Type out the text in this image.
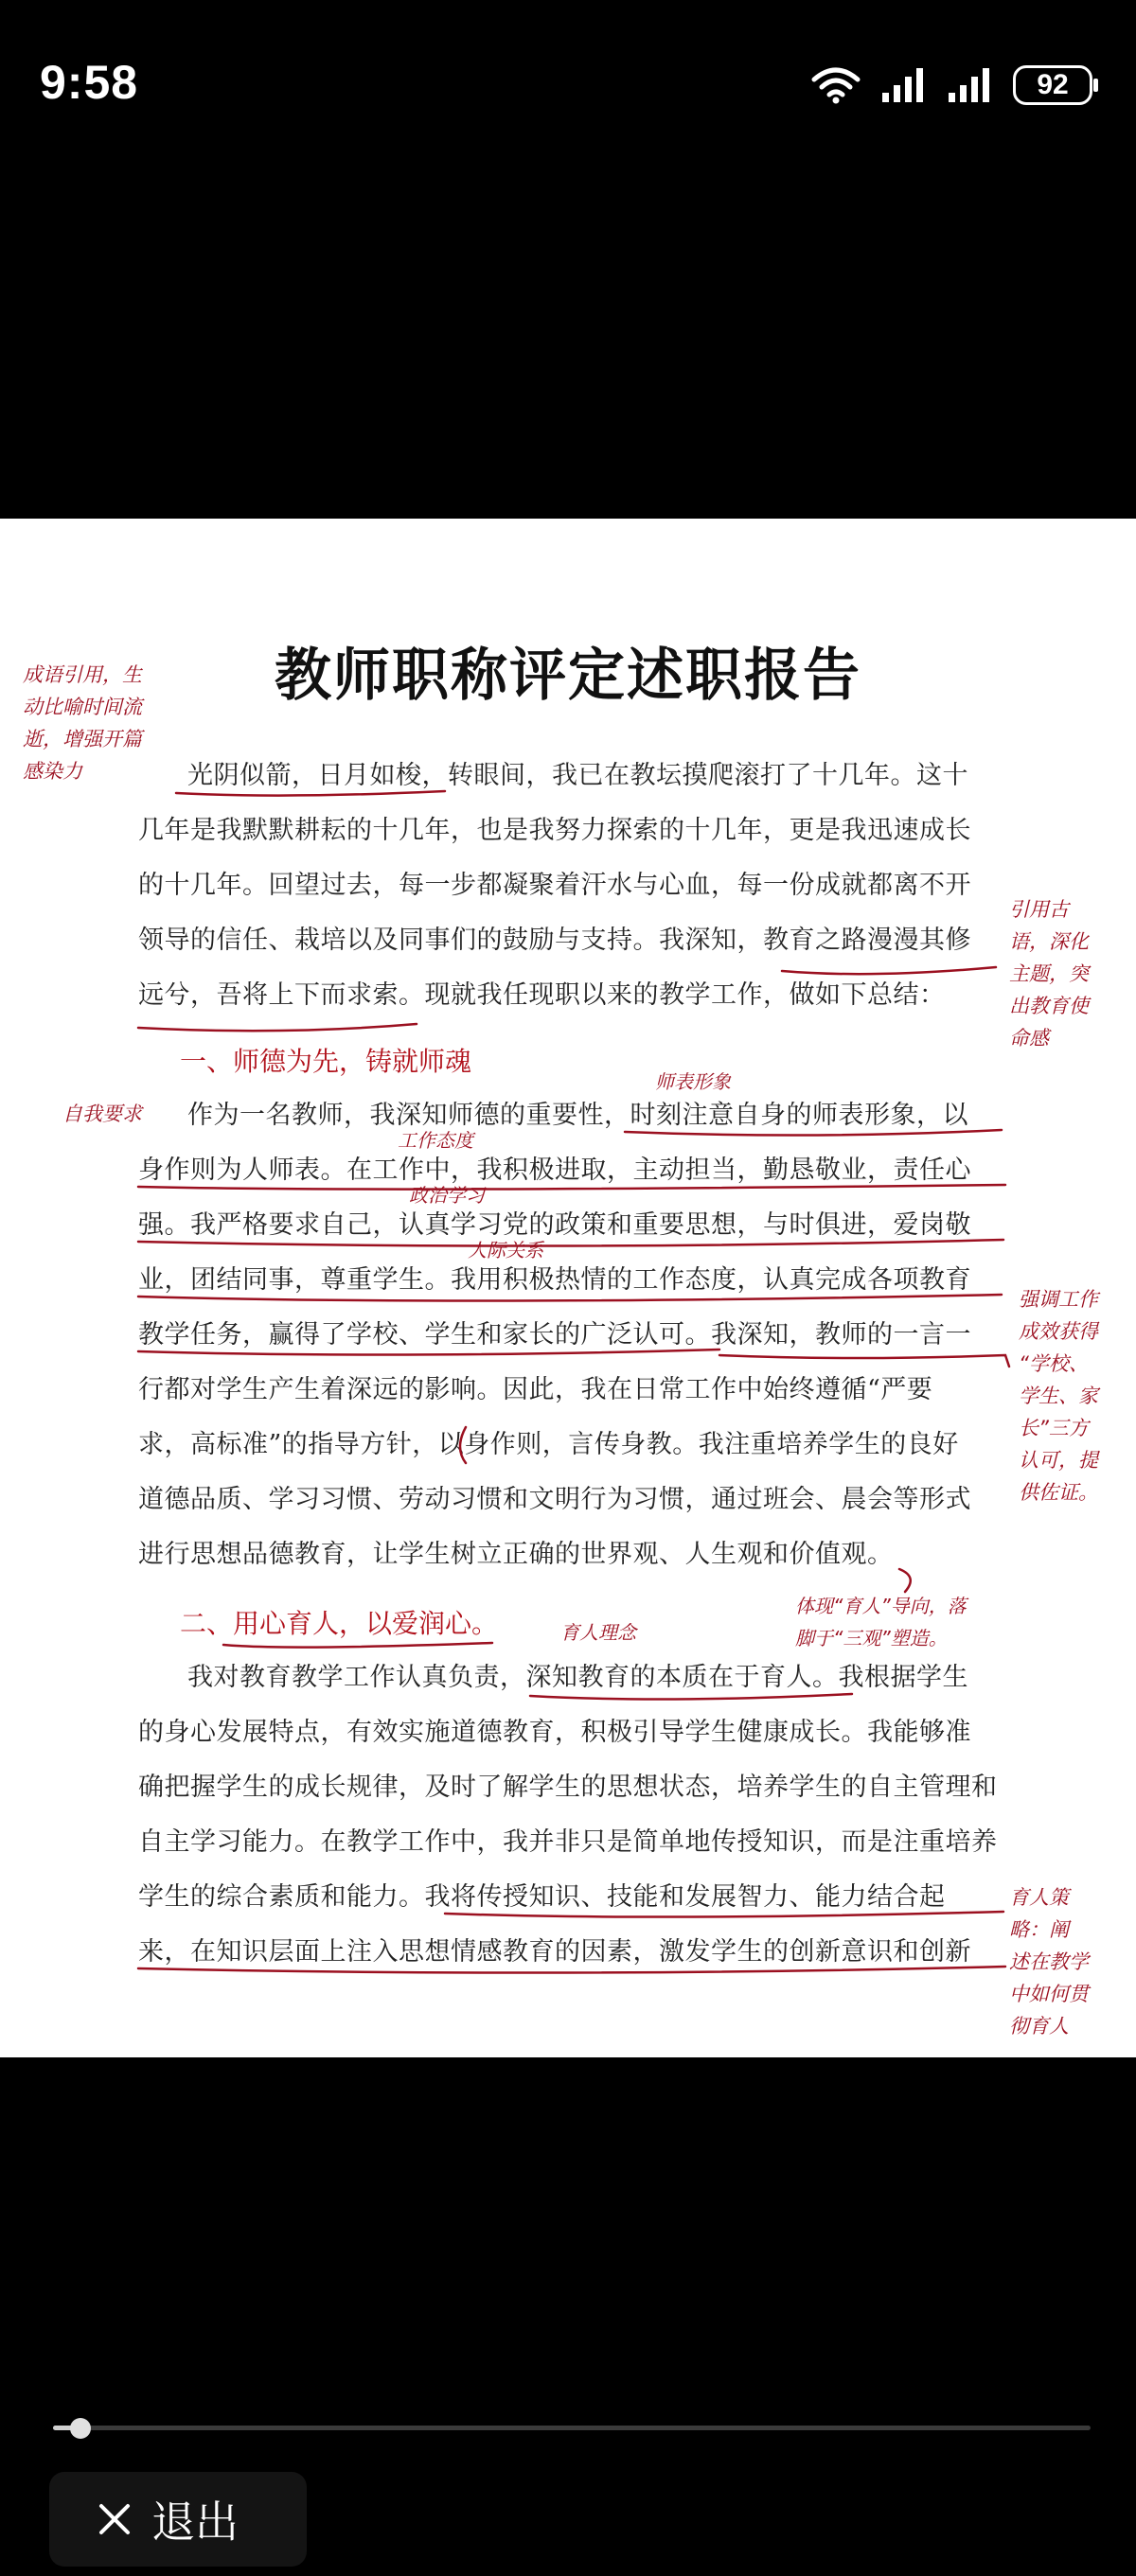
9:58	92
教师职称评定述职报告
光阴似箭，日月如梭，转眼间，我已在教坛摸爬滚打了十几年。这十
几年是我默默耕耘的十几年，也是我努力探索的十几年，更是我迅速成长
的十几年。回望过去，每一步都凝聚着汗水与心血，每一份成就都离不开
领导的信任、栽培以及同事们的鼓励与支持。我深知，教育之路漫漫其修
远兮，吾将上下而求索。现就我任现职以来的教学工作，做如下总结：
一、师德为先，铸就师魂
作为一名教师，我深知师德的重要性，时刻注意自身的师表形象，以
身作则为人师表。在工作中，我积极进取，主动担当，勤恳敬业，责任心
强。我严格要求自己，认真学习党的政策和重要思想，与时俱进，爱岗敬
业，团结同事，尊重学生。我用积极热情的工作态度，认真完成各项教育
教学任务，赢得了学校、学生和家长的广泛认可。我深知，教师的一言一
行都对学生产生着深远的影响。因此，我在日常工作中始终遵循“严要
求，高标准”的指导方针，以身作则，言传身教。我注重培养学生的良好
道德品质、学习习惯、劳动习惯和文明行为习惯，通过班会、晨会等形式
进行思想品德教育，让学生树立正确的世界观、人生观和价值观。
二、用心育人，以爱润心。
我对教育教学工作认真负责，深知教育的本质在于育人。我根据学生
的身心发展特点，有效实施道德教育，积极引导学生健康成长。我能够准
确把握学生的成长规律，及时了解学生的思想状态，培养学生的自主管理和
自主学习能力。在教学工作中，我并非只是简单地传授知识，而是注重培养
学生的综合素质和能力。我将传授知识、技能和发展智力、能力结合起
来，在知识层面上注入思想情感教育的因素，激发学生的创新意识和创新
成语引用，生
动比喻时间流
逝，增强开篇
感染力
自我要求
引用古
语，深化
主题，突
出教育使
命感
师表形象
工作态度
政治学习
人际关系
强调工作
成效获得
“学校、
学生、家
长”三方
认可，提
供佐证。
育人理念
体现“育人”导向，落
脚于“三观”塑造。
育人策
略：阐
述在教学
中如何贯
彻育人
退出
